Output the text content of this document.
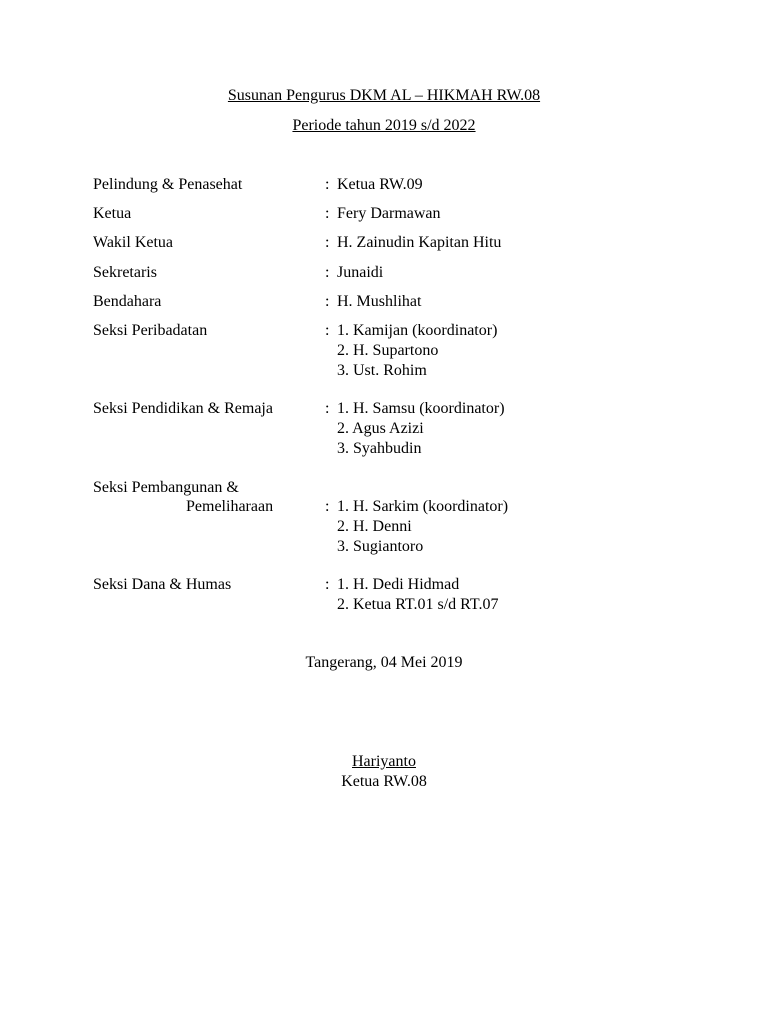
Susunan Pengurus DKM AL – HIKMAH RW.08
Periode tahun 2019 s/d 2022
Pelindung & Penasehat	: Ketua RW.09
Ketua	: Fery Darmawan
Wakil Ketua	: H. Zainudin Kapitan Hitu
Sekretaris	: Junaidi
Bendahara	: H. Mushlihat
Seksi Peribadatan	: 1. Kamijan (koordinator)
2. H. Supartono
3. Ust. Rohim
Seksi Pendidikan & Remaja	: 1. H. Samsu (koordinator)
2. Agus Azizi
3. Syahbudin
Seksi Pembangunan &
Pemeliharaan	: 1. H. Sarkim (koordinator)
2. H. Denni
3. Sugiantoro
Seksi Dana & Humas	: 1. H. Dedi Hidmad
2. Ketua RT.01 s/d RT.07
Tangerang, 04 Mei 2019
Hariyanto
Ketua RW.08
